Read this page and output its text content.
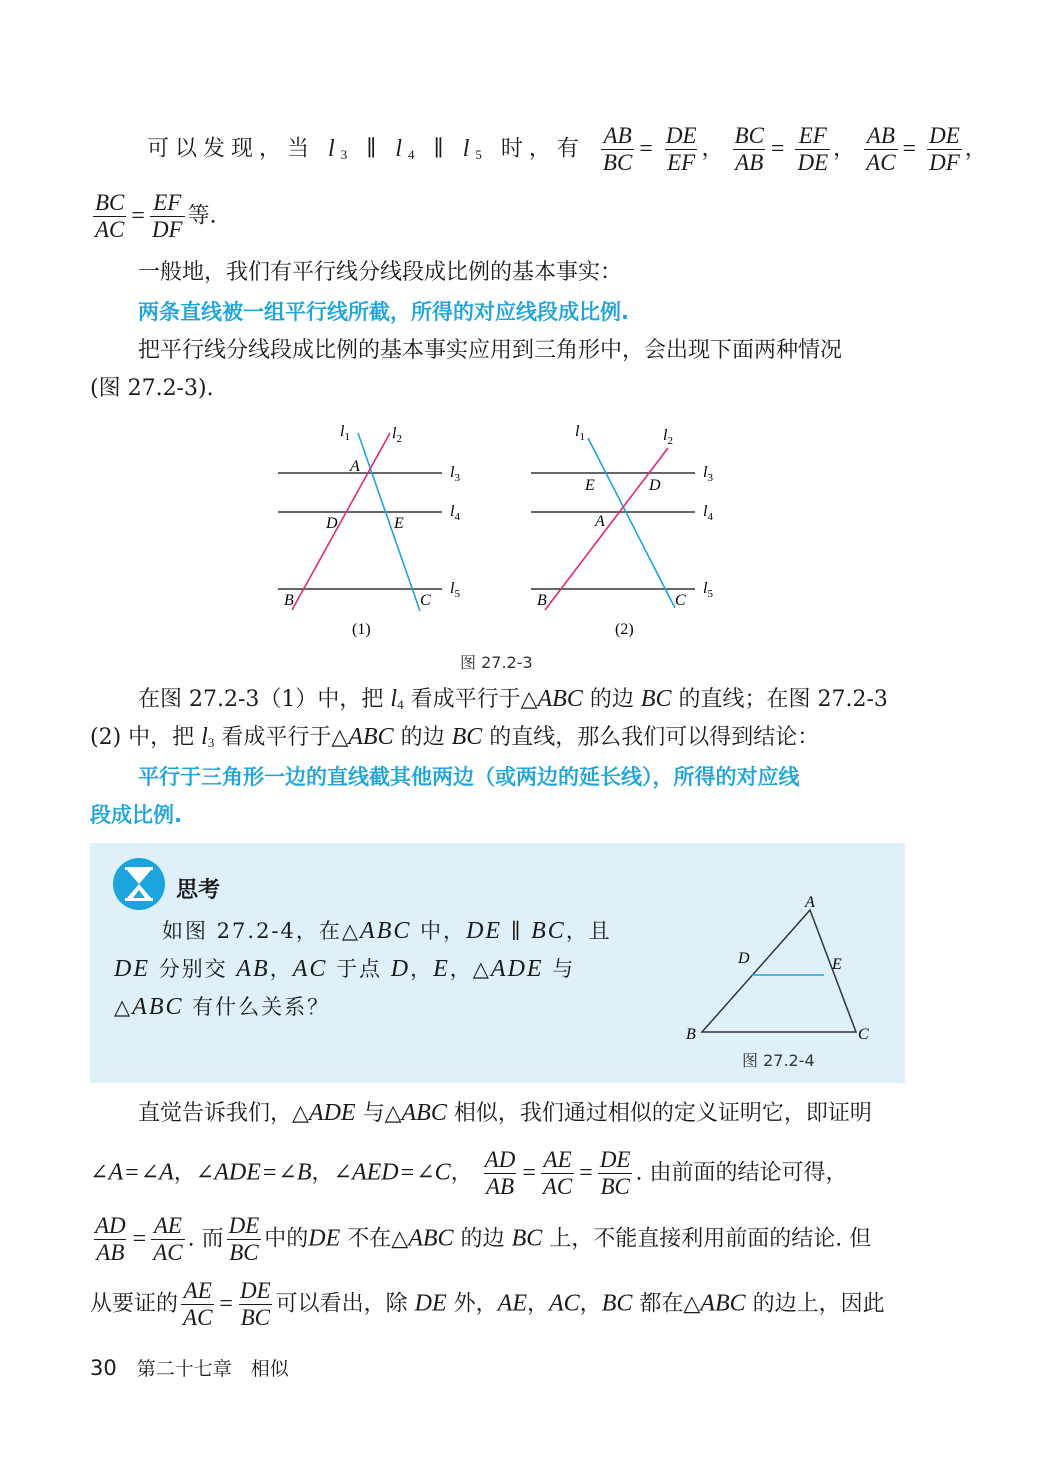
可以发现，当 $l_3$ ∥ $l_4$ ∥ $l_5$ 时，有 $\frac{AB}{BC} = \frac{DE}{EF}$ ， $\frac{BC}{AB} = \frac{EF}{DE}$ ， $\frac{AB}{AC} = \frac{DE}{DF}$ ，
$\frac{BC}{AC} = \frac{EF}{DF}$ 等.
一般地，我们有平行线分线段成比例的基本事实：
两条直线被一组平行线所截，所得的对应线段成比例.
把平行线分线段成比例的基本事实应用到三角形中，会出现下面两种情况
(图 27.2-3).
$l_1$	$l_2$
$l_3$
$l_4$
$l_5$
A
D	E
B	C
(1)
$l_1$	$l_2$
$l_3$
$l_4$
$l_5$
E	D
A
B	C
(2)
图 27.2-3
在图 27.2-3（1）中，把 $l_4$ 看成平行于△ABC 的边 BC 的直线；在图 27.2-3
(2) 中，把 $l_3$ 看成平行于△ABC 的边 BC 的直线，那么我们可以得到结论：
平行于三角形一边的直线截其他两边（或两边的延长线），所得的对应线
段成比例.
思考
如图 27.2-4，在△ABC 中，DE ∥ BC，且
DE 分别交 AB，AC 于点 D，E，△ADE 与
△ABC 有什么关系？
A
D	E
B	C
图 27.2-4
直觉告诉我们，△ADE 与△ABC 相似，我们通过相似的定义证明它，即证明
∠A=∠A，∠ADE=∠B，∠AED=∠C， $\frac{AD}{AB} = \frac{AE}{AC} = \frac{DE}{BC}$ . 由前面的结论可得，
$\frac{AD}{AB} = \frac{AE}{AC}$ . 而 $\frac{DE}{BC}$ 中的DE 不在△ABC 的边 BC 上，不能直接利用前面的结论. 但
从要证的 $\frac{AE}{AC} = \frac{DE}{BC}$ 可以看出，除 DE 外，AE，AC，BC 都在△ABC 的边上，因此
30 第二十七章　相似
